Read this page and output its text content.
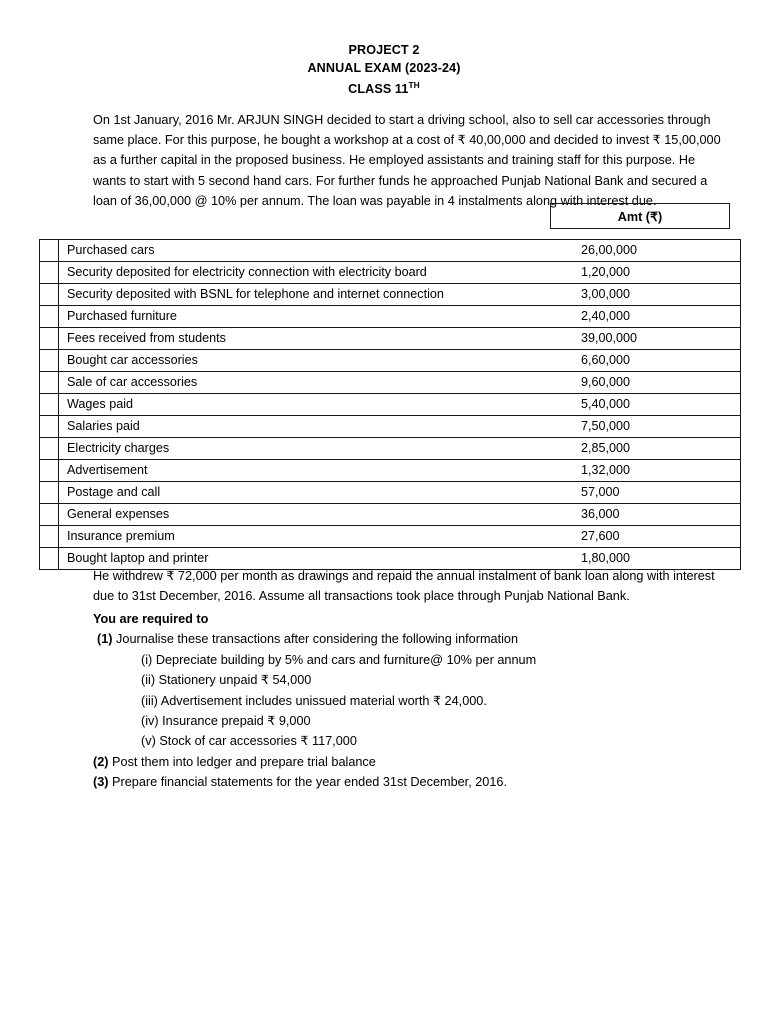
PROJECT 2
ANNUAL EXAM (2023-24)
CLASS 11TH

On 1st January, 2016 Mr. ARJUN SINGH decided to start a driving school, also to sell car accessories through same place. For this purpose, he bought a workshop at a cost of ₹ 40,00,000 and decided to invest ₹ 15,00,000 as a further capital in the proposed business. He employed assistants and training staff for this purpose. He wants to start with 5 second hand cars. For further funds he approached Punjab National Bank and secured a loan of 36,00,000 @ 10% per annum. The loan was payable in 4 instalments along with interest due.

Amt (₹)
	Purchased cars	26,00,000
	Security deposited for electricity connection with electricity board	1,20,000
	Security deposited with BSNL for telephone and internet connection	3,00,000
	Purchased furniture	2,40,000
	Fees received from students	39,00,000
	Bought car accessories	6,60,000
	Sale of car accessories	9,60,000
	Wages paid	5,40,000
	Salaries paid	7,50,000
	Electricity charges	2,85,000
	Advertisement	1,32,000
	Postage and call	57,000
	General expenses	36,000
	Insurance premium	27,600
	Bought laptop and printer	1,80,000

He withdrew ₹ 72,000 per month as drawings and repaid the annual instalment of bank loan along with interest due to 31st December, 2016. Assume all transactions took place through Punjab National Bank.

You are required to
(1) Journalise these transactions after considering the following information
(i) Depreciate building by 5% and cars and furniture@ 10% per annum
(ii) Stationery unpaid ₹ 54,000
(iii) Advertisement includes unissued material worth ₹ 24,000.
(iv) Insurance prepaid ₹ 9,000
(v) Stock of car accessories ₹ 117,000
(2) Post them into ledger and prepare trial balance
(3) Prepare financial statements for the year ended 31st December, 2016.
